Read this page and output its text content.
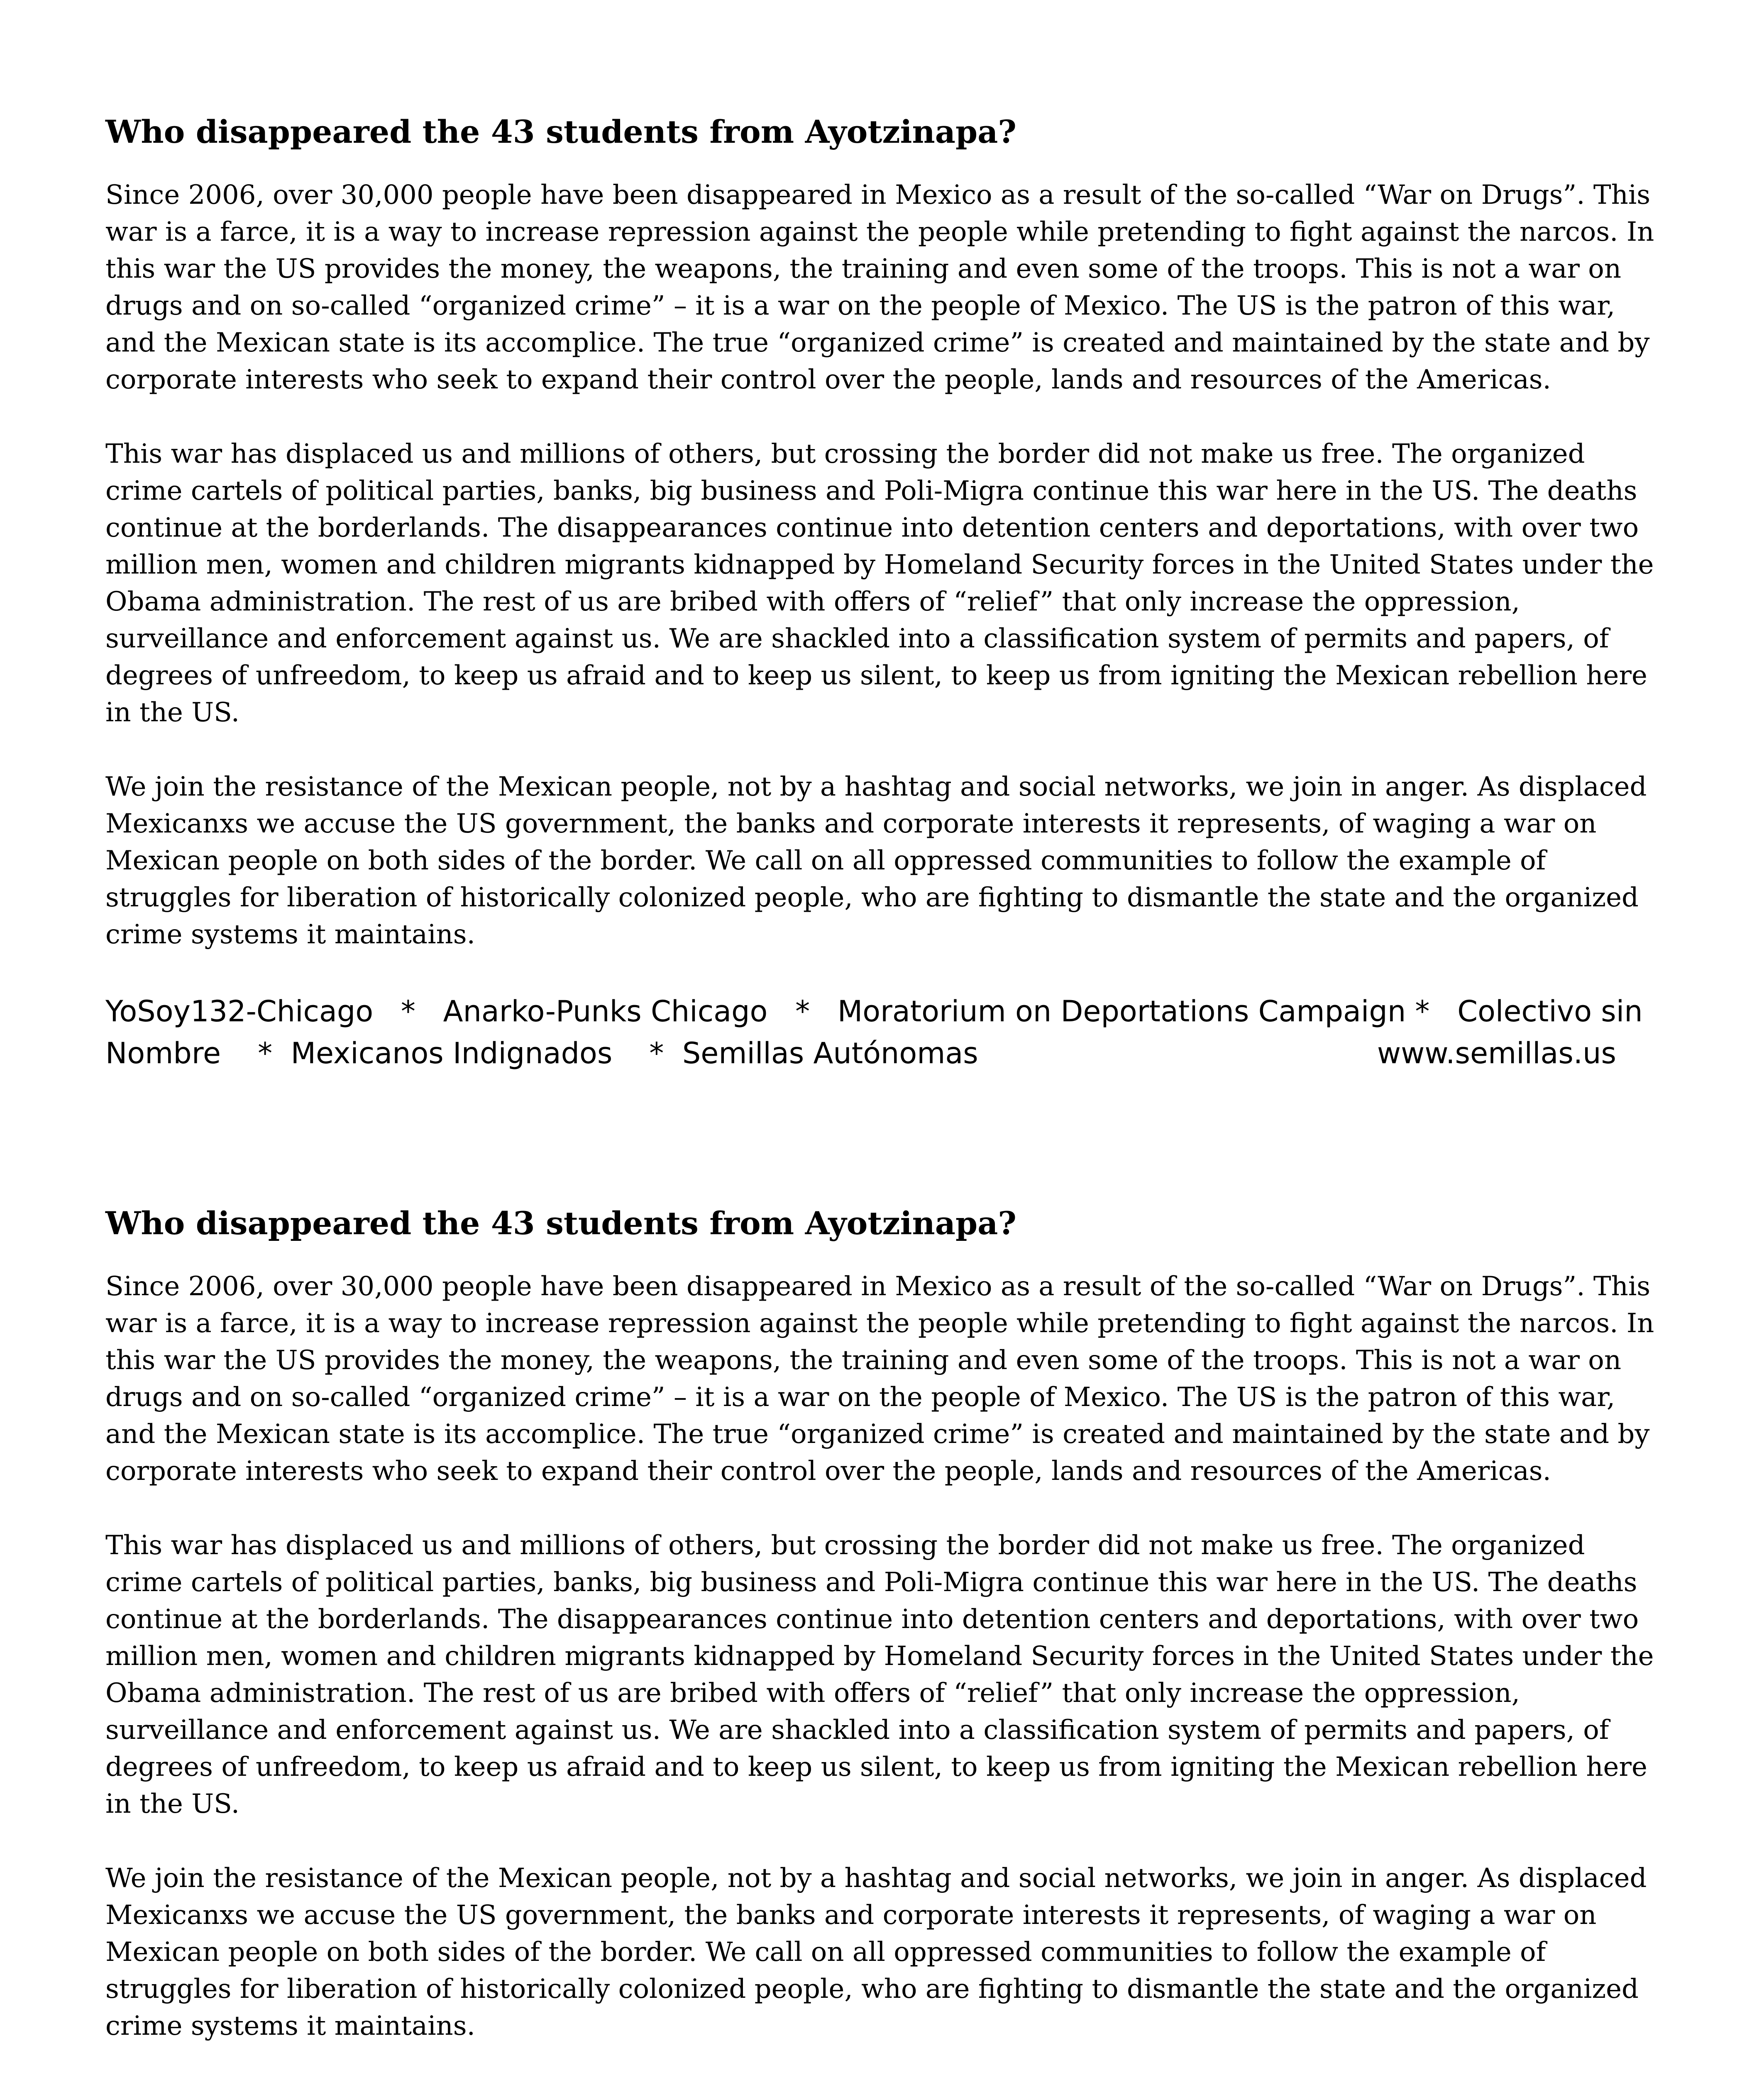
Who disappeared the 43 students from Ayotzinapa?

Since 2006, over 30,000 people have been disappeared in Mexico as a result of the so-called “War on Drugs”. This war is a farce, it is a way to increase repression against the people while pretending to fight against the narcos. In this war the US provides the money, the weapons, the training and even some of the troops. This is not a war on drugs and on so-called “organized crime” – it is a war on the people of Mexico. The US is the patron of this war, and the Mexican state is its accomplice. The true “organized crime” is created and maintained by the state and by corporate interests who seek to expand their control over the people, lands and resources of the Americas.

This war has displaced us and millions of others, but crossing the border did not make us free. The organized crime cartels of political parties, banks, big business and Poli-Migra continue this war here in the US. The deaths continue at the borderlands. The disappearances continue into detention centers and deportations, with over two million men, women and children migrants kidnapped by Homeland Security forces in the United States under the Obama administration. The rest of us are bribed with offers of “relief” that only increase the oppression, surveillance and enforcement against us. We are shackled into a classification system of permits and papers, of degrees of unfreedom, to keep us afraid and to keep us silent, to keep us from igniting the Mexican rebellion here in the US.

We join the resistance of the Mexican people, not by a hashtag and social networks, we join in anger. As displaced Mexicanxs we accuse the US government, the banks and corporate interests it represents, of waging a war on Mexican people on both sides of the border. We call on all oppressed communities to follow the example of struggles for liberation of historically colonized people, who are fighting to dismantle the state and the organized crime systems it maintains.

YoSoy132-Chicago   *   Anarko-Punks Chicago   *   Moratorium on Deportations Campaign *   Colectivo sin
Nombre    *  Mexicanos Indignados    *  Semillas Autónomas	www.semillas.us
Who disappeared the 43 students from Ayotzinapa?

Since 2006, over 30,000 people have been disappeared in Mexico as a result of the so-called “War on Drugs”. This war is a farce, it is a way to increase repression against the people while pretending to fight against the narcos. In this war the US provides the money, the weapons, the training and even some of the troops. This is not a war on drugs and on so-called “organized crime” – it is a war on the people of Mexico. The US is the patron of this war, and the Mexican state is its accomplice. The true “organized crime” is created and maintained by the state and by corporate interests who seek to expand their control over the people, lands and resources of the Americas.

This war has displaced us and millions of others, but crossing the border did not make us free. The organized crime cartels of political parties, banks, big business and Poli-Migra continue this war here in the US. The deaths continue at the borderlands. The disappearances continue into detention centers and deportations, with over two million men, women and children migrants kidnapped by Homeland Security forces in the United States under the Obama administration. The rest of us are bribed with offers of “relief” that only increase the oppression, surveillance and enforcement against us. We are shackled into a classification system of permits and papers, of degrees of unfreedom, to keep us afraid and to keep us silent, to keep us from igniting the Mexican rebellion here in the US.

We join the resistance of the Mexican people, not by a hashtag and social networks, we join in anger. As displaced Mexicanxs we accuse the US government, the banks and corporate interests it represents, of waging a war on Mexican people on both sides of the border. We call on all oppressed communities to follow the example of struggles for liberation of historically colonized people, who are fighting to dismantle the state and the organized crime systems it maintains.
